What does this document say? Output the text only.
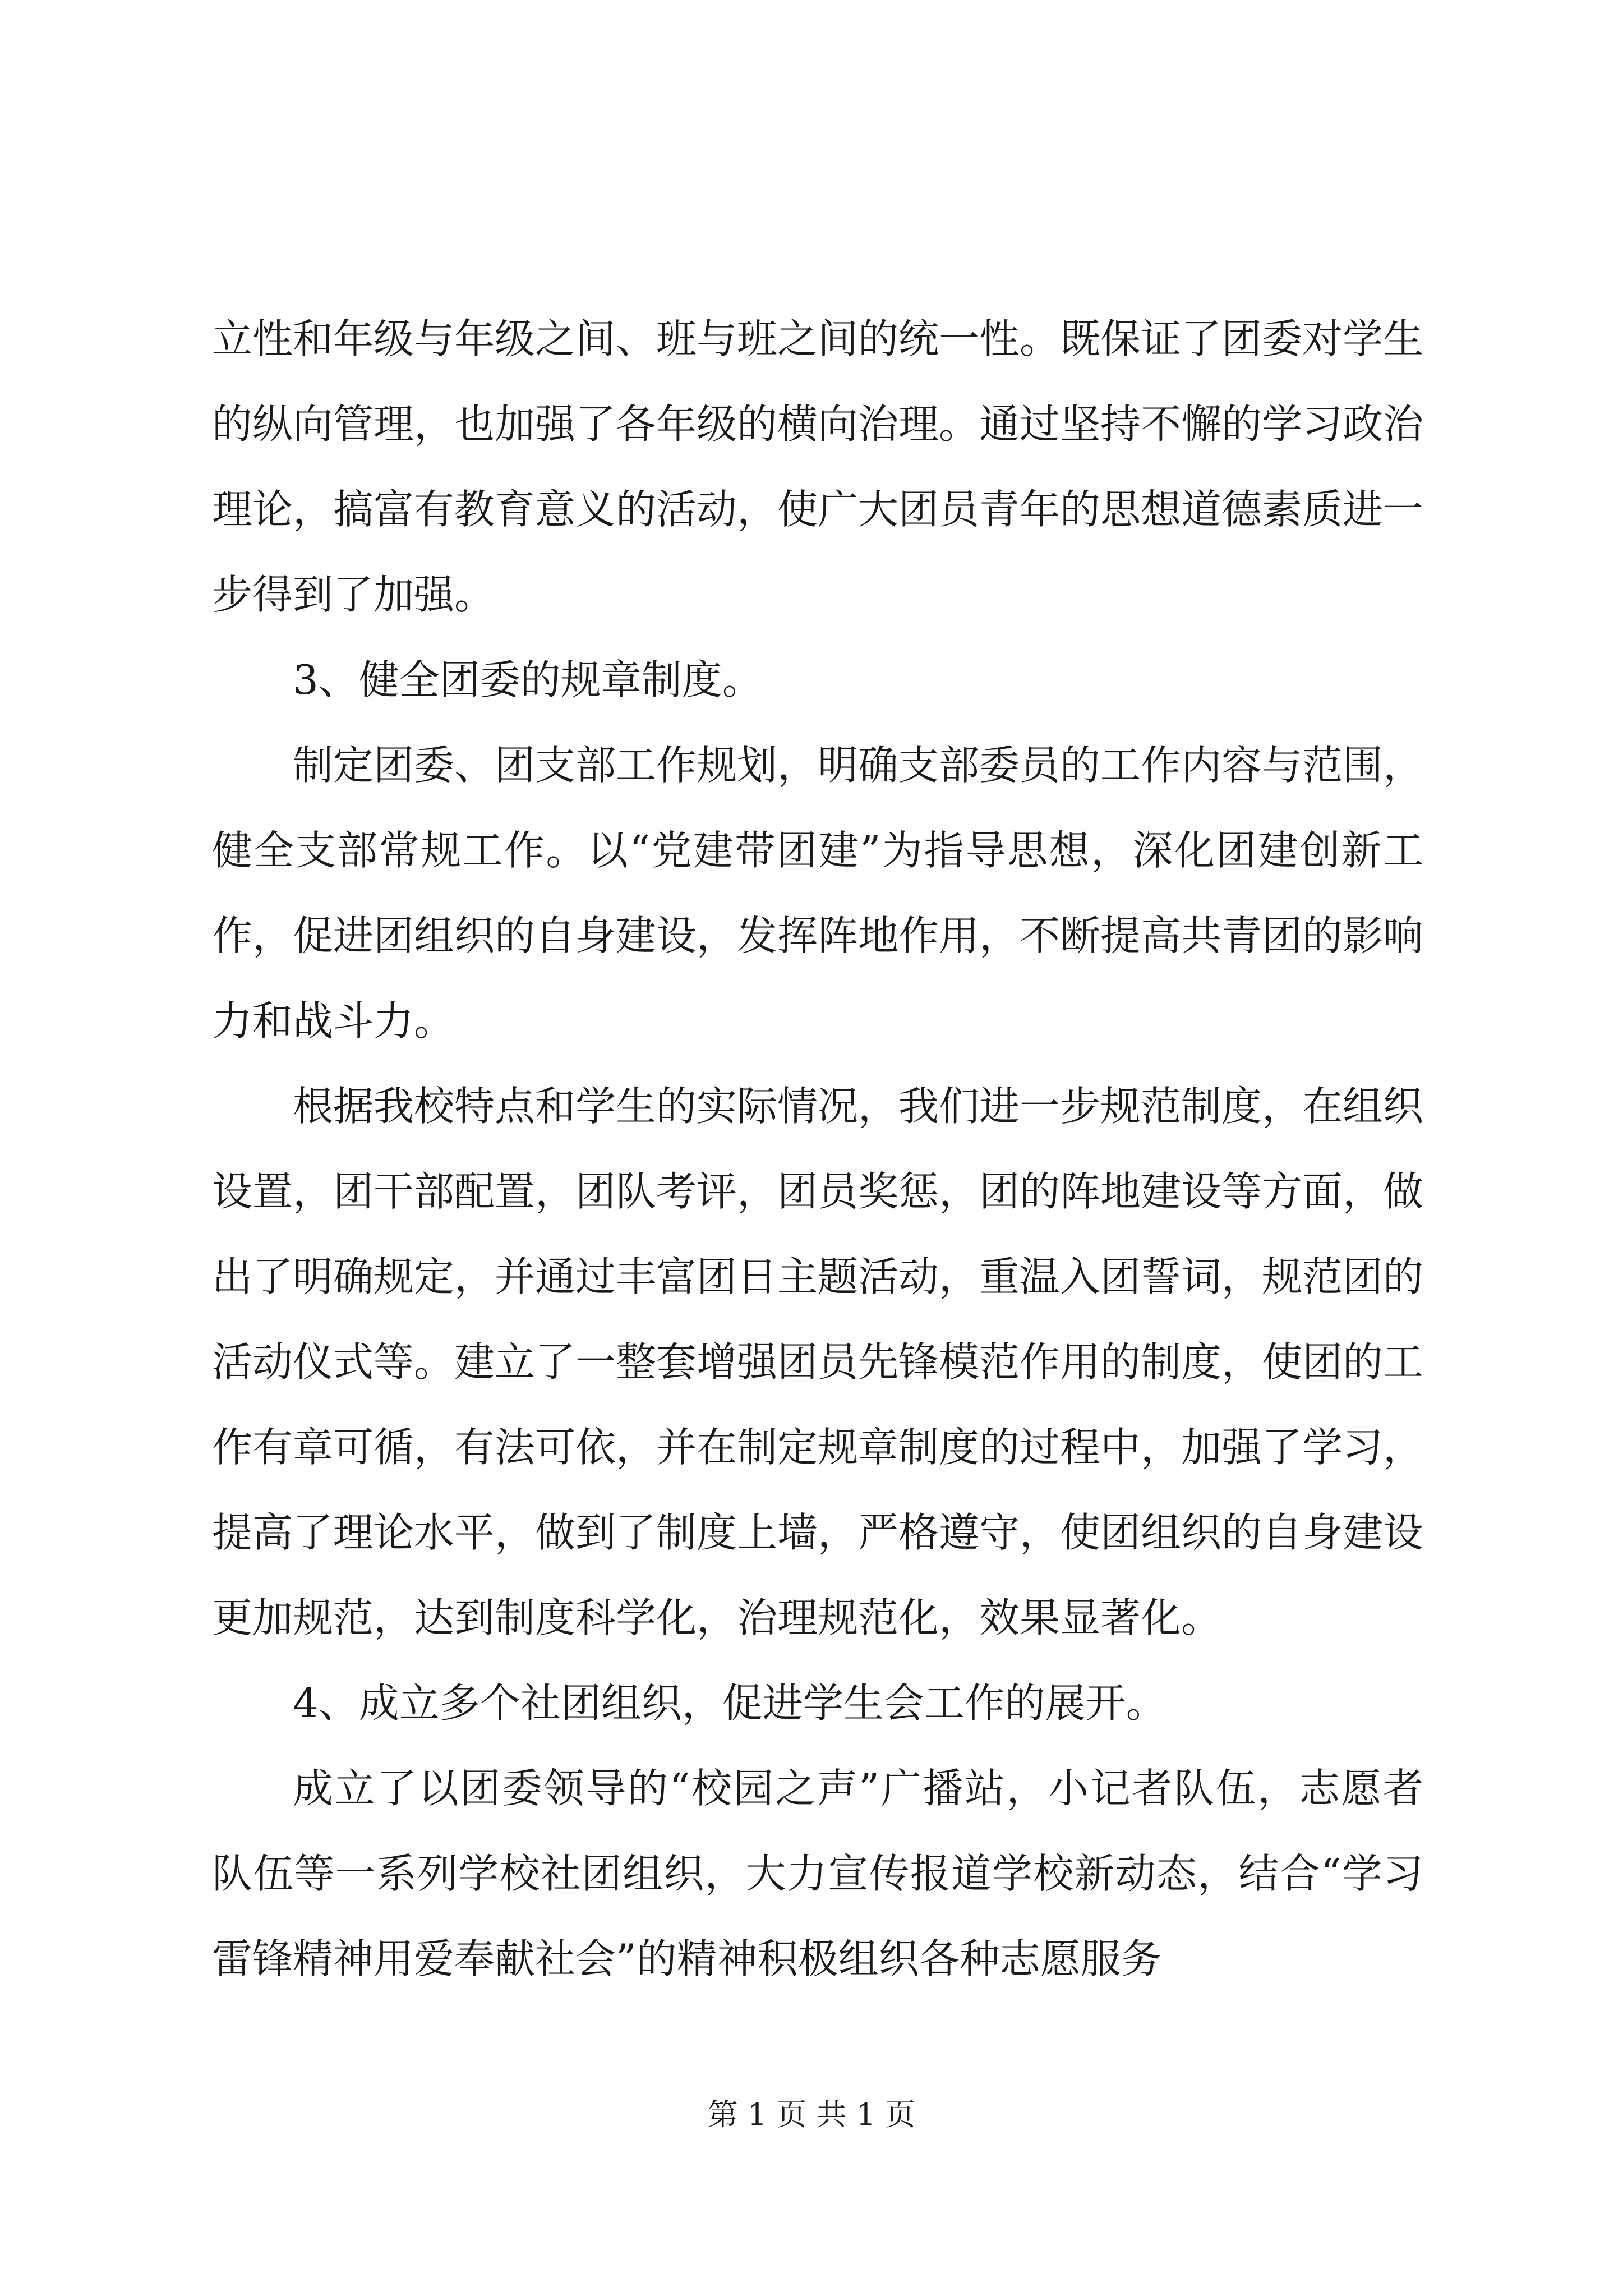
立性和年级与年级之间、班与班之间的统一性。既保证了团委对学生的纵向管理，也加强了各年级的横向治理。通过坚持不懈的学习政治理论，搞富有教育意义的活动，使广大团员青年的思想道德素质进一步得到了加强。

3、健全团委的规章制度。

制定团委、团支部工作规划，明确支部委员的工作内容与范围，健全支部常规工作。以“党建带团建”为指导思想，深化团建创新工作，促进团组织的自身建设，发挥阵地作用，不断提高共青团的影响力和战斗力。

根据我校特点和学生的实际情况，我们进一步规范制度，在组织设置，团干部配置，团队考评，团员奖惩，团的阵地建设等方面，做出了明确规定，并通过丰富团日主题活动，重温入团誓词，规范团的活动仪式等。建立了一整套增强团员先锋模范作用的制度，使团的工作有章可循，有法可依，并在制定规章制度的过程中，加强了学习，提高了理论水平，做到了制度上墙，严格遵守，使团组织的自身建设更加规范，达到制度科学化，治理规范化，效果显著化。

4、成立多个社团组织，促进学生会工作的展开。

成立了以团委领导的“校园之声”广播站，小记者队伍，志愿者队伍等一系列学校社团组织，大力宣传报道学校新动态，结合“学习雷锋精神用爱奉献社会”的精神积极组织各种志愿服务

第 1 页 共 1 页
